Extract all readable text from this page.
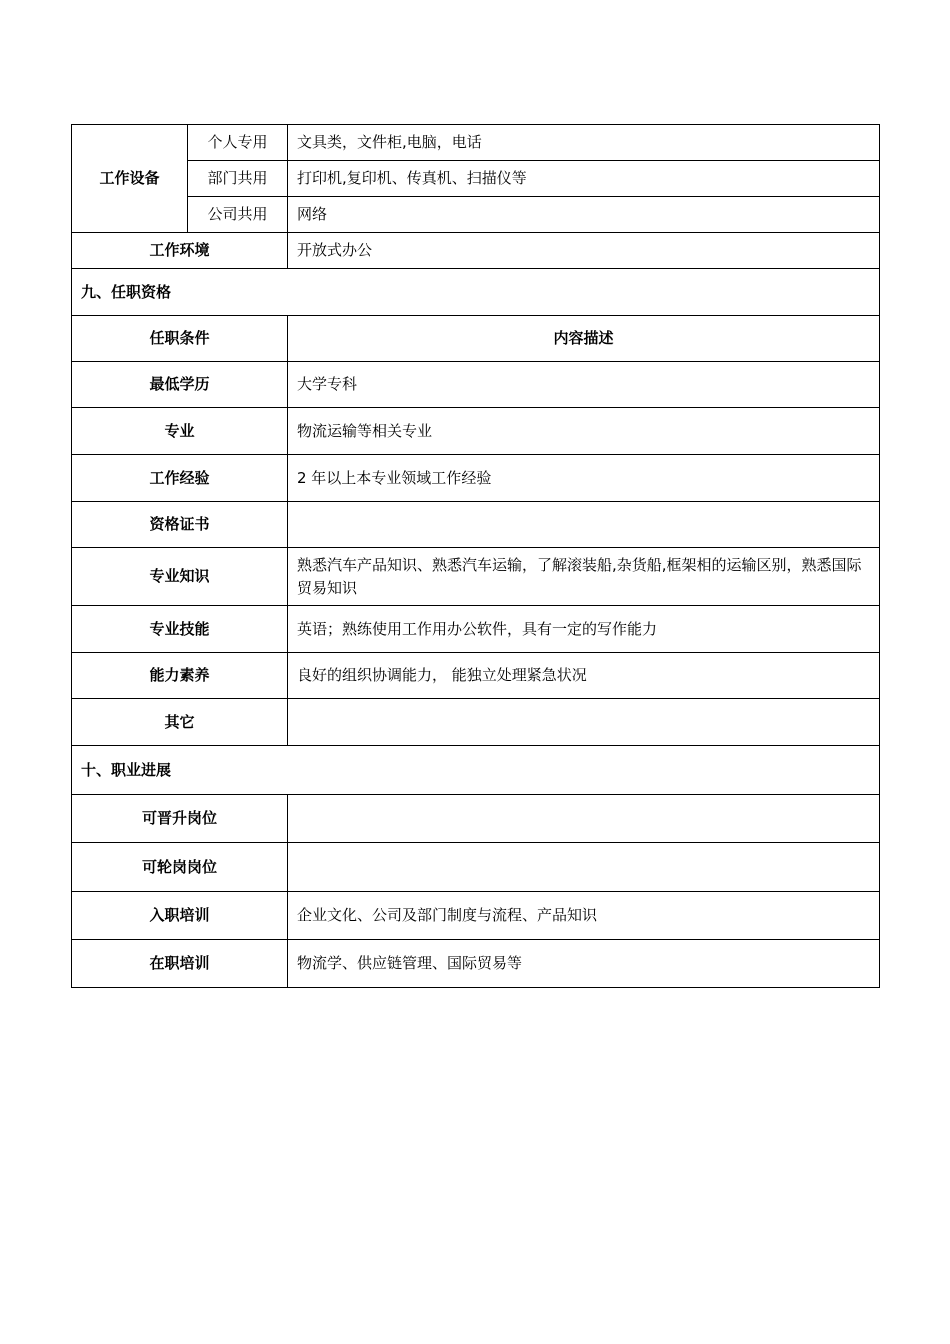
工作设备	个人专用	文具类，文件柜,电脑，电话
	部门共用	打印机,复印机、传真机、扫描仪等
	公司共用	网络
工作环境		开放式办公
九、任职资格		
任职条件		内容描述
最低学历		大学专科
专业		物流运输等相关专业
工作经验		2 年以上本专业领域工作经验
资格证书		
专业知识		熟悉汽车产品知识、熟悉汽车运输，了解滚装船,杂货船,框架相的运输区别，熟悉国际贸易知识
专业技能		英语；熟练使用工作用办公软件，具有一定的写作能力
能力素养		良好的组织协调能力， 能独立处理紧急状况
其它		
十、职业进展		
可晋升岗位		
可轮岗岗位		
入职培训		企业文化、公司及部门制度与流程、产品知识
在职培训		物流学、供应链管理、国际贸易等
